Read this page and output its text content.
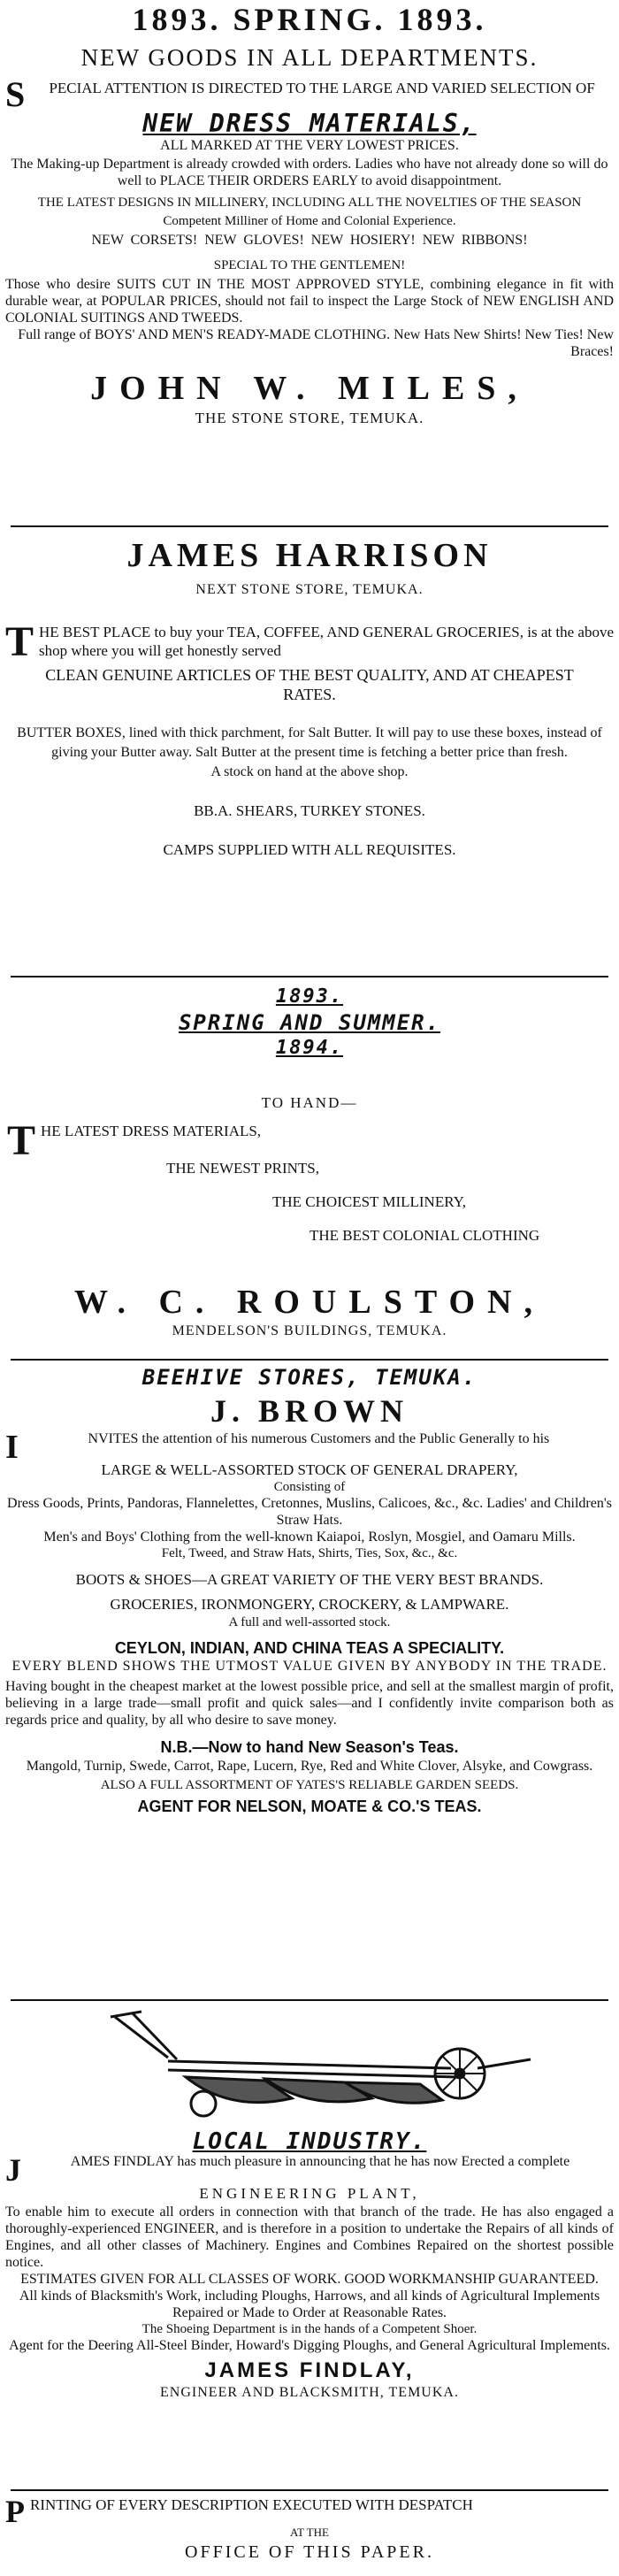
1893. SPRING. 1893.
NEW GOODS IN ALL DEPARTMENTS.
S PECIAL ATTENTION IS DIRECTED TO THE LARGE AND VARIED SELECTION OF
NEW DRESS MATERIALS,
ALL MARKED AT THE VERY LOWEST PRICES.
The Making-up Department is already crowded with orders. Ladies who have not already done so will do well to PLACE THEIR ORDERS EARLY to avoid disappointment.
THE LATEST DESIGNS IN MILLINERY, INCLUDING ALL THE NOVELTIES OF THE SEASON
Competent Milliner of Home and Colonial Experience.
NEW CORSETS! NEW GLOVES! NEW HOSIERY! NEW RIBBONS!
SPECIAL TO THE GENTLEMEN!
Those who desire SUITS CUT IN THE MOST APPROVED STYLE, combining elegance in fit with durable wear, at POPULAR PRICES, should not fail to inspect the Large Stock of NEW ENGLISH AND COLONIAL SUITINGS AND TWEEDS.
Full range of BOYS' AND MEN'S READY-MADE CLOTHING. New Hats New Shirts! New Ties! New Braces!
JOHN W. MILES,
THE STONE STORE, TEMUKA.
JAMES HARRISON
NEXT STONE STORE, TEMUKA.
T HE BEST PLACE to buy your TEA, COFFEE, AND GENERAL GROCERIES, is at the above shop where you will get honestly served
CLEAN GENUINE ARTICLES OF THE BEST QUALITY, AND AT CHEAPEST RATES.
BUTTER BOXES, lined with thick parchment, for Salt Butter. It will pay to use these boxes, instead of giving your Butter away. Salt Butter at the present time is fetching a better price than fresh.
A stock on hand at the above shop.
BB.A. SHEARS, TURKEY STONES.
CAMPS SUPPLIED WITH ALL REQUISITES.
1893.
SPRING AND SUMMER.
1894.
TO HAND—
THE LATEST DRESS MATERIALS,
THE NEWEST PRINTS,
THE CHOICEST MILLINERY,
THE BEST COLONIAL CLOTHING
W. C. ROULSTON,
MENDELSON'S BUILDINGS, TEMUKA.
BEEHIVE STORES, TEMUKA.
J. BROWN
I	NVITES the attention of his numerous Customers and the Public Generally to his
LARGE & WELL-ASSORTED STOCK OF GENERAL DRAPERY,
Consisting of
Dress Goods, Prints, Pandoras, Flannelettes, Cretonnes, Muslins, Calicoes, &c., &c. Ladies' and Children's Straw Hats.
Men's and Boys' Clothing from the well-known Kaiapoi, Roslyn, Mosgiel, and Oamaru Mills.
Felt, Tweed, and Straw Hats, Shirts, Ties, Sox, &c., &c.
BOOTS & SHOES—A GREAT VARIETY OF THE VERY BEST BRANDS.
GROCERIES, IRONMONGERY, CROCKERY, & LAMPWARE.
A full and well-assorted stock.
CEYLON, INDIAN, AND CHINA TEAS A SPECIALITY.
EVERY BLEND SHOWS THE UTMOST VALUE GIVEN BY ANYBODY IN THE TRADE.
Having bought in the cheapest market at the lowest possible price, and sell at the smallest margin of profit, believing in a large trade—small profit and quick sales—and I confidently invite comparison both as regards price and quality, by all who desire to save money.
N.B.—Now to hand New Season's Teas.
Mangold, Turnip, Swede, Carrot, Rape, Lucern, Rye, Red and White Clover, Alsyke, and Cowgrass.
ALSO A FULL ASSORTMENT OF YATES'S RELIABLE GARDEN SEEDS.
AGENT FOR NELSON, MOATE & CO.'S TEAS.
LOCAL INDUSTRY.
J	AMES FINDLAY has much pleasure in announcing that he has now Erected a complete
ENGINEERING PLANT,
To enable him to execute all orders in connection with that branch of the trade. He has also engaged a thoroughly-experienced ENGINEER, and is therefore in a position to undertake the Repairs of all kinds of Engines, and all other classes of Machinery. Engines and Combines Repaired on the shortest possible notice.
ESTIMATES GIVEN FOR ALL CLASSES OF WORK. GOOD WORKMANSHIP GUARANTEED.
All kinds of Blacksmith's Work, including Ploughs, Harrows, and all kinds of Agricultural Implements Repaired or Made to Order at Reasonable Rates.
The Shoeing Department is in the hands of a Competent Shoer.
Agent for the Deering All-Steel Binder, Howard's Digging Ploughs, and General Agricultural Implements.
JAMES FINDLAY,
ENGINEER AND BLACKSMITH, TEMUKA.
P RINTING OF EVERY DESCRIPTION EXECUTED WITH DESPATCH
AT THE
OFFICE OF THIS PAPER.
